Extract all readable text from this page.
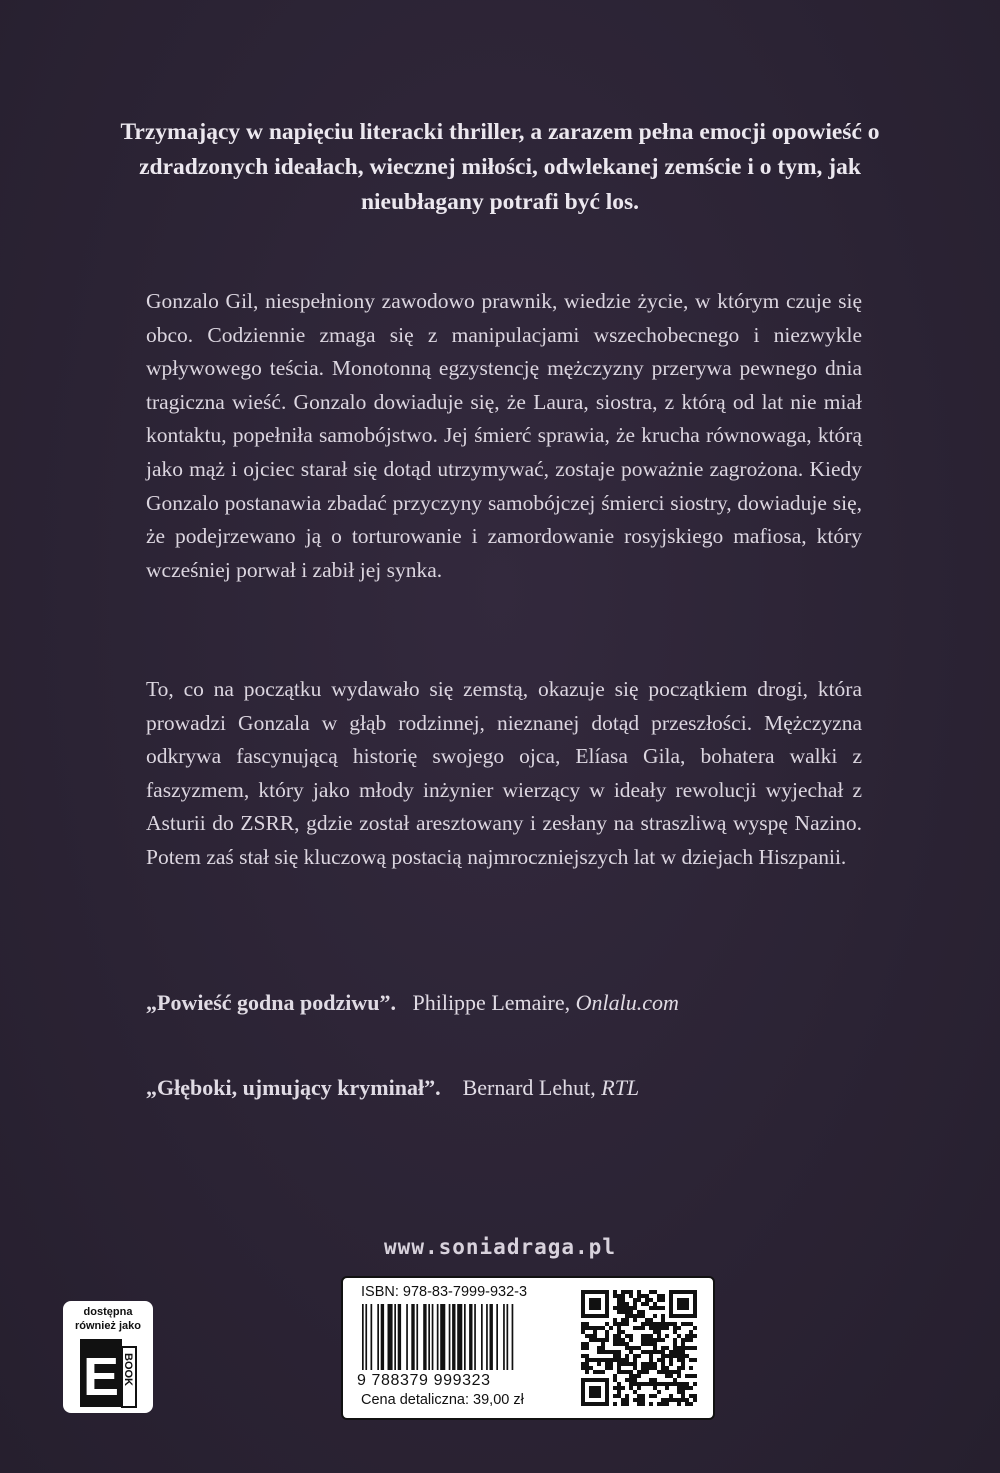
Trzymający w napięciu literacki thriller, a zarazem pełna emocji opowieść o zdradzonych ideałach, wiecznej miłości, odwlekanej zemście i o tym, jak nieubłagany potrafi być los.
Gonzalo Gil, niespełniony zawodowo prawnik, wiedzie życie, w którym czuje się obco. Codziennie zmaga się z manipulacjami wszechobecnego i niezwykle wpływowego teścia. Monotonną egzystencję mężczyzny przerywa pewnego dnia tragiczna wieść. Gonzalo dowiaduje się, że Laura, siostra, z którą od lat nie miał kontaktu, popełniła samobójstwo. Jej śmierć sprawia, że krucha równowaga, którą jako mąż i ojciec starał się dotąd utrzymywać, zostaje poważnie zagrożona. Kiedy Gonzalo postanawia zbadać przyczyny samobójczej śmierci siostry, dowiaduje się, że podejrzewano ją o torturowanie i zamordowanie rosyjskiego mafiosa, który wcześniej porwał i zabił jej synka.
To, co na początku wydawało się zemstą, okazuje się początkiem drogi, która prowadzi Gonzala w głąb rodzinnej, nieznanej dotąd przeszłości. Mężczyzna odkrywa fascynującą historię swojego ojca, Elíasa Gila, bohatera walki z faszyzmem, który jako młody inżynier wierzący w ideały rewolucji wyjechał z Asturii do ZSRR, gdzie został aresztowany i zesłany na straszliwą wyspę Nazino. Potem zaś stał się kluczową postacią najmroczniejszych lat w dziejach Hiszpanii.
„Powieść godna podziwu”. Philippe Lemaire, Onlalu.com
„Głęboki, ujmujący kryminał”. Bernard Lehut, RTL
www.soniadraga.pl
dostępna
również jako
E BOOK
ISBN: 978-83-7999-932-3
9 788379 999323
Cena detaliczna: 39,00 zł
